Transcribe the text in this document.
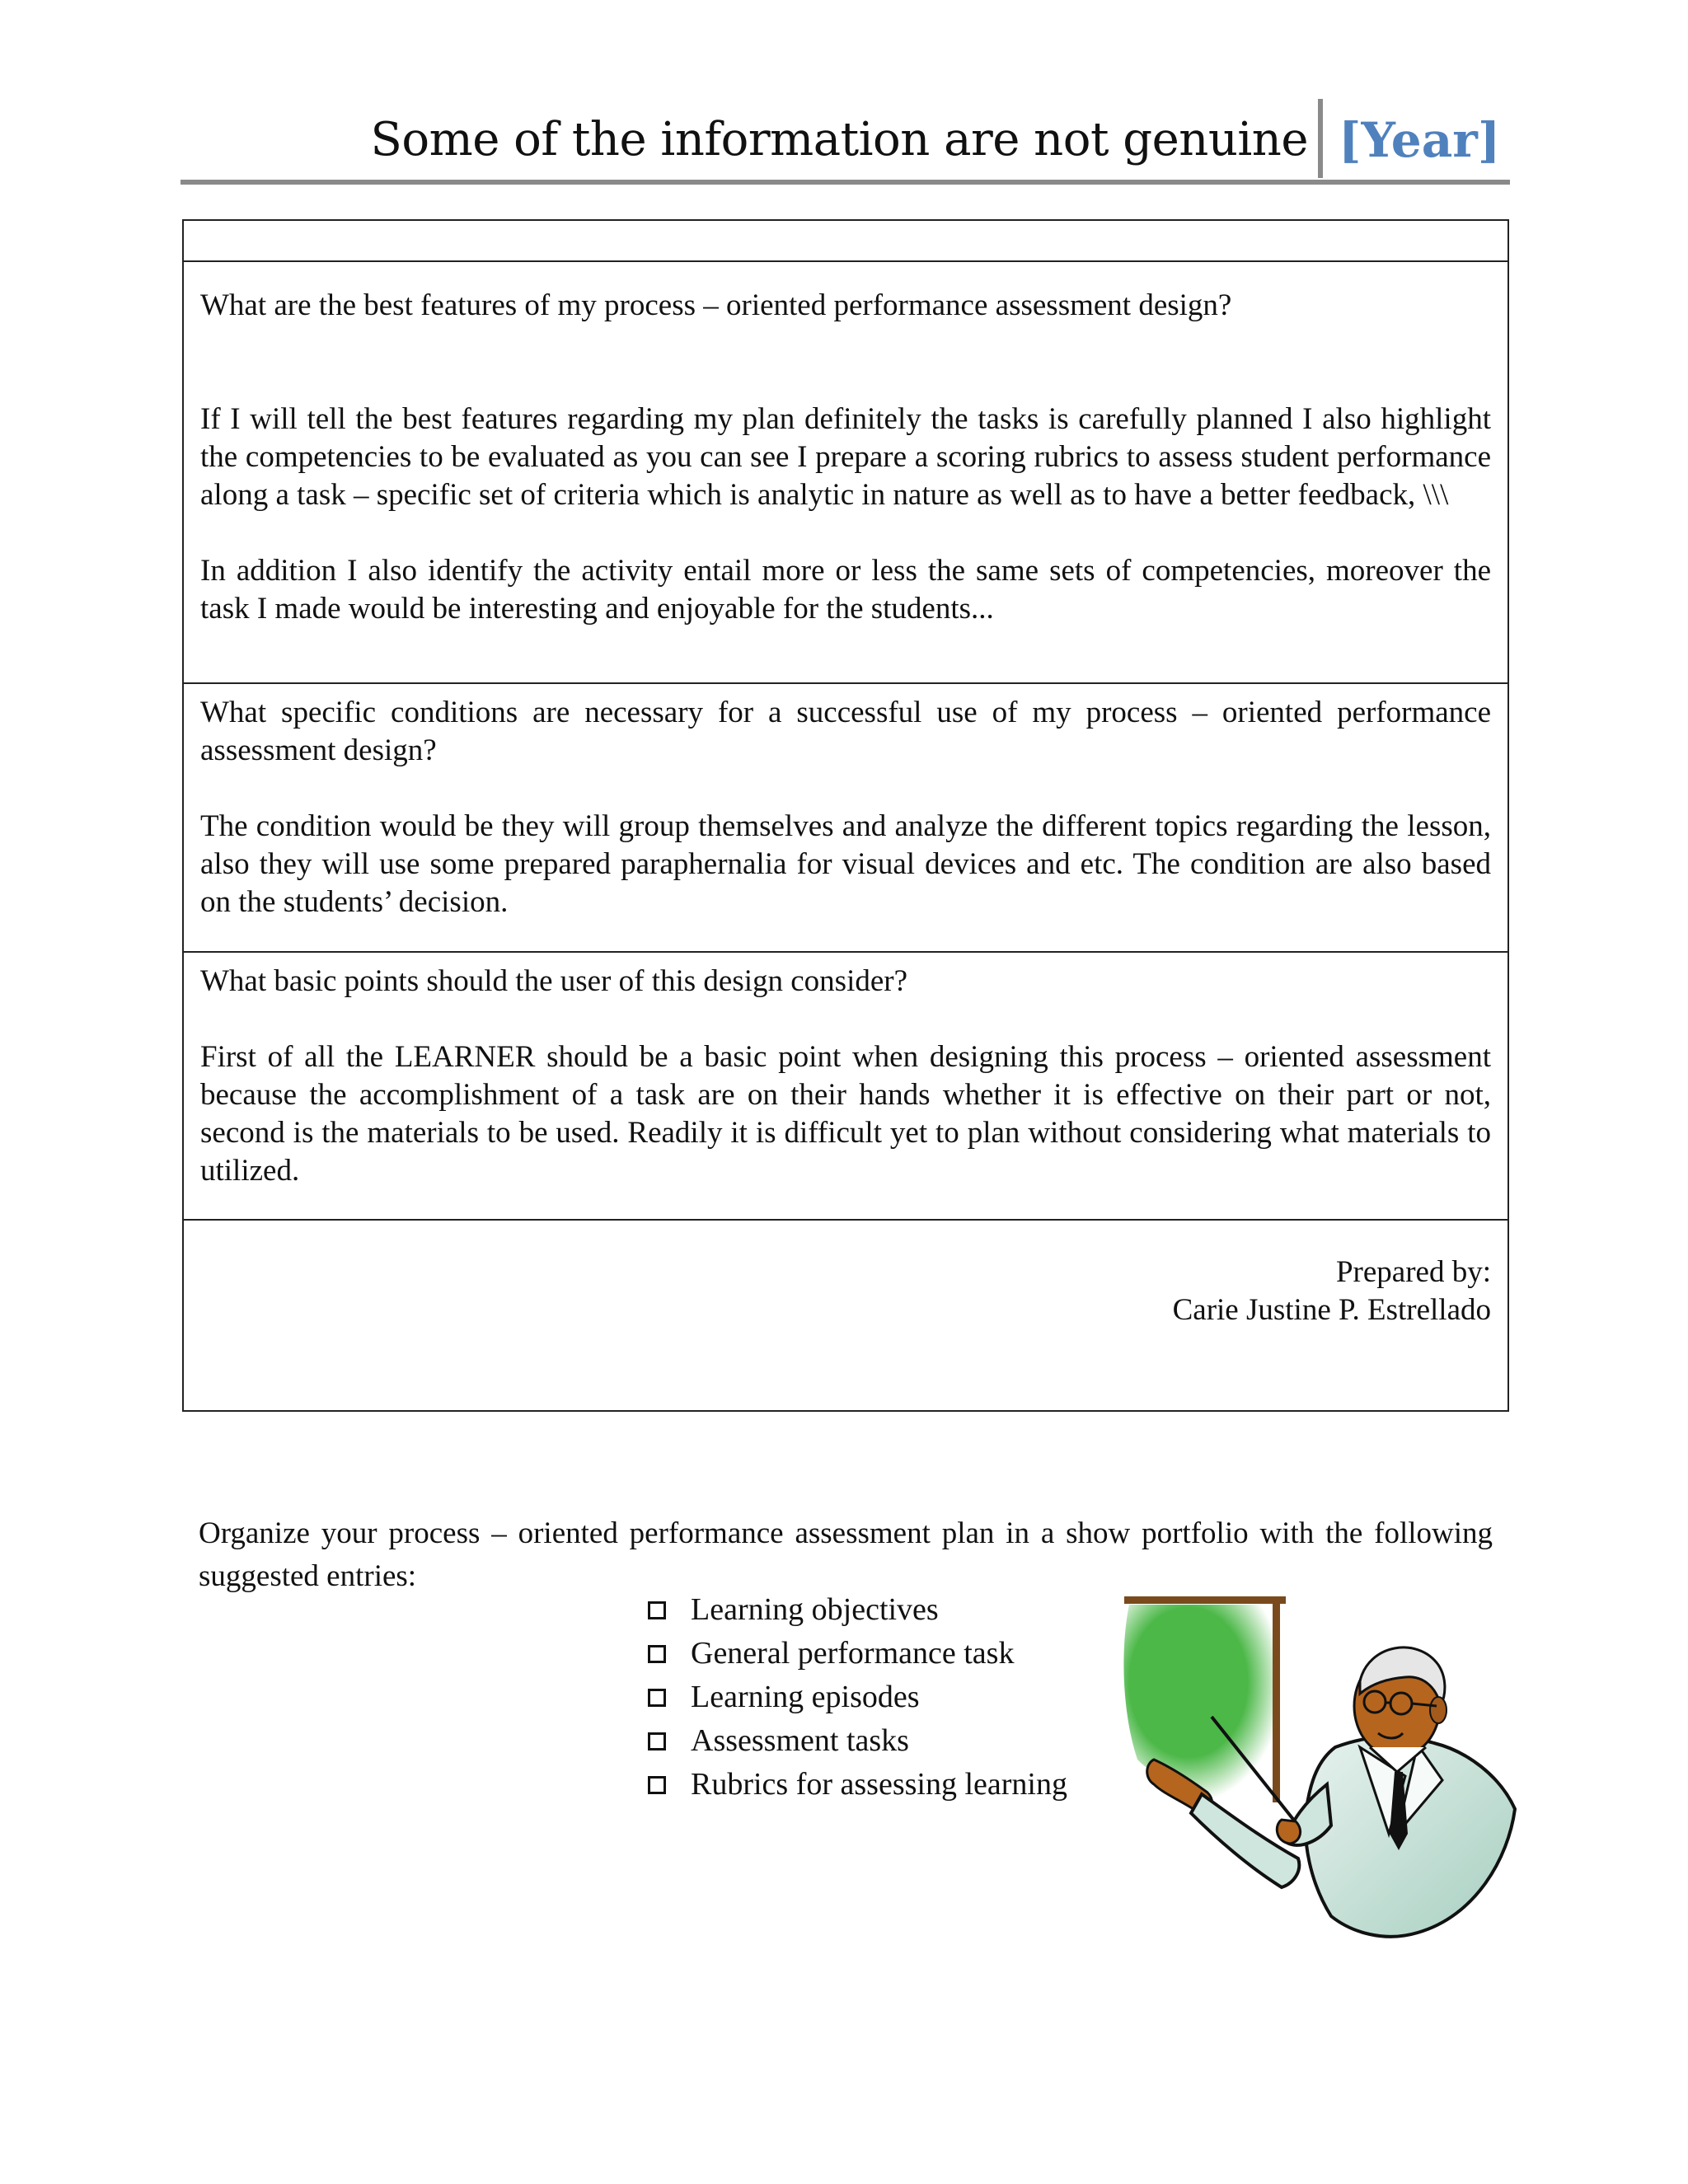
Some of the information are not genuine [Year]

What are the best features of my process – oriented performance assessment design?

If I will tell the best features regarding my plan definitely the tasks is carefully planned I also highlight the competencies to be evaluated as you can see I prepare a scoring rubrics to assess student performance along a task – specific set of criteria which is analytic in nature as well as to have a better feedback, \\\

In addition I also identify the activity entail more or less the same sets of competencies, moreover the task I made would be interesting and enjoyable for the students...

What specific conditions are necessary for a successful use of my process – oriented performance assessment design?

The condition would be they will group themselves and analyze the different topics regarding the lesson, also they will use some prepared paraphernalia for visual devices and etc. The condition are also based on the students’ decision.

What basic points should the user of this design consider?

First of all the LEARNER should be a basic point when designing this process – oriented assessment because the accomplishment of a task are on their hands whether it is effective on their part or not, second is the materials to be used. Readily it is difficult yet to plan without considering what materials to utilized.

Prepared by:

Carie Justine P. Estrellado

Organize your process – oriented performance assessment plan in a show portfolio with the following suggested entries:

Learning objectives
General performance task
Learning episodes
Assessment tasks
Rubrics for assessing learning
